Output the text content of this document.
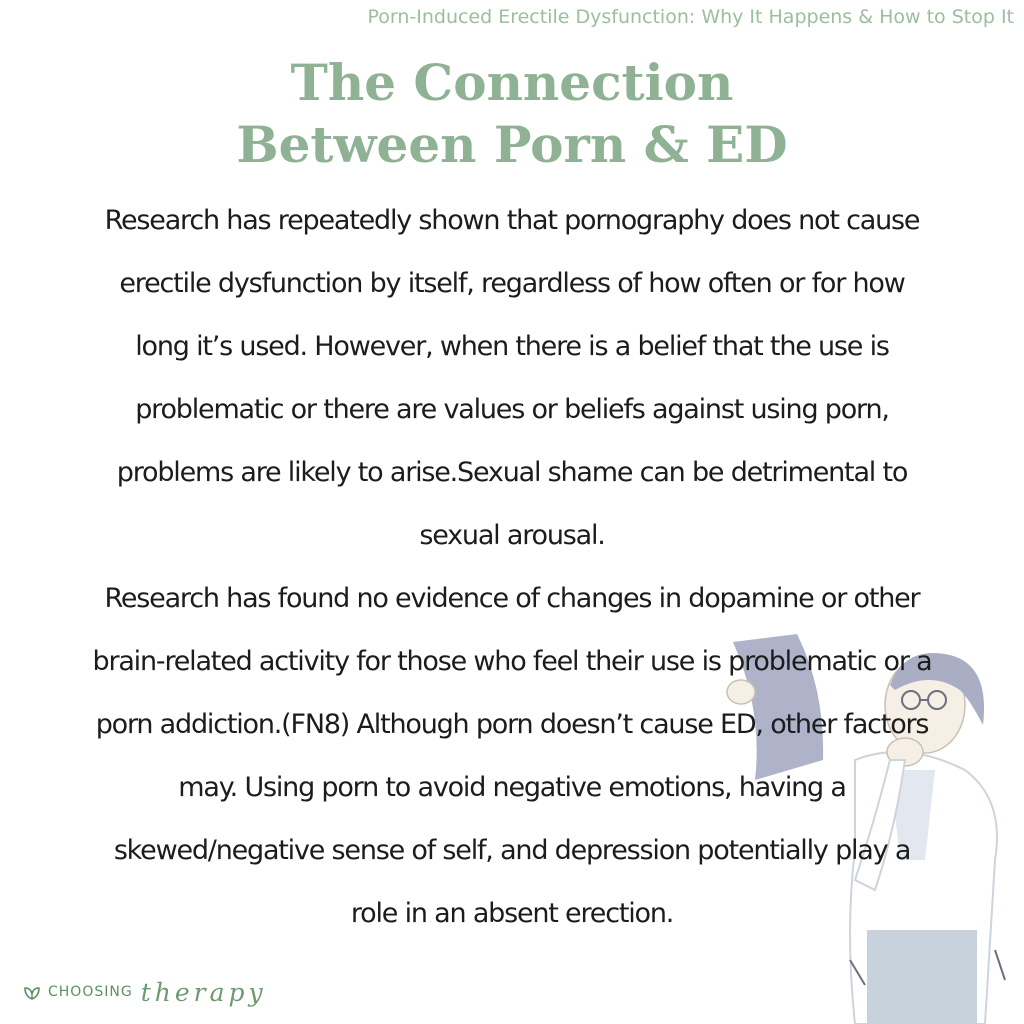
Porn-Induced Erectile Dysfunction: Why It Happens & How to Stop It
The Connection
Between Porn & ED
Research has repeatedly shown that pornography does not cause
erectile dysfunction by itself, regardless of how often or for how
long it’s used. However, when there is a belief that the use is
problematic or there are values or beliefs against using porn,
problems are likely to arise.Sexual shame can be detrimental to
sexual arousal.
Research has found no evidence of changes in dopamine or other
brain-related activity for those who feel their use is problematic or a
porn addiction.(FN8) Although porn doesn’t cause ED, other factors
may. Using porn to avoid negative emotions, having a
skewed/negative sense of self, and depression potentially play a
role in an absent erection.
CHOOSING therapy
